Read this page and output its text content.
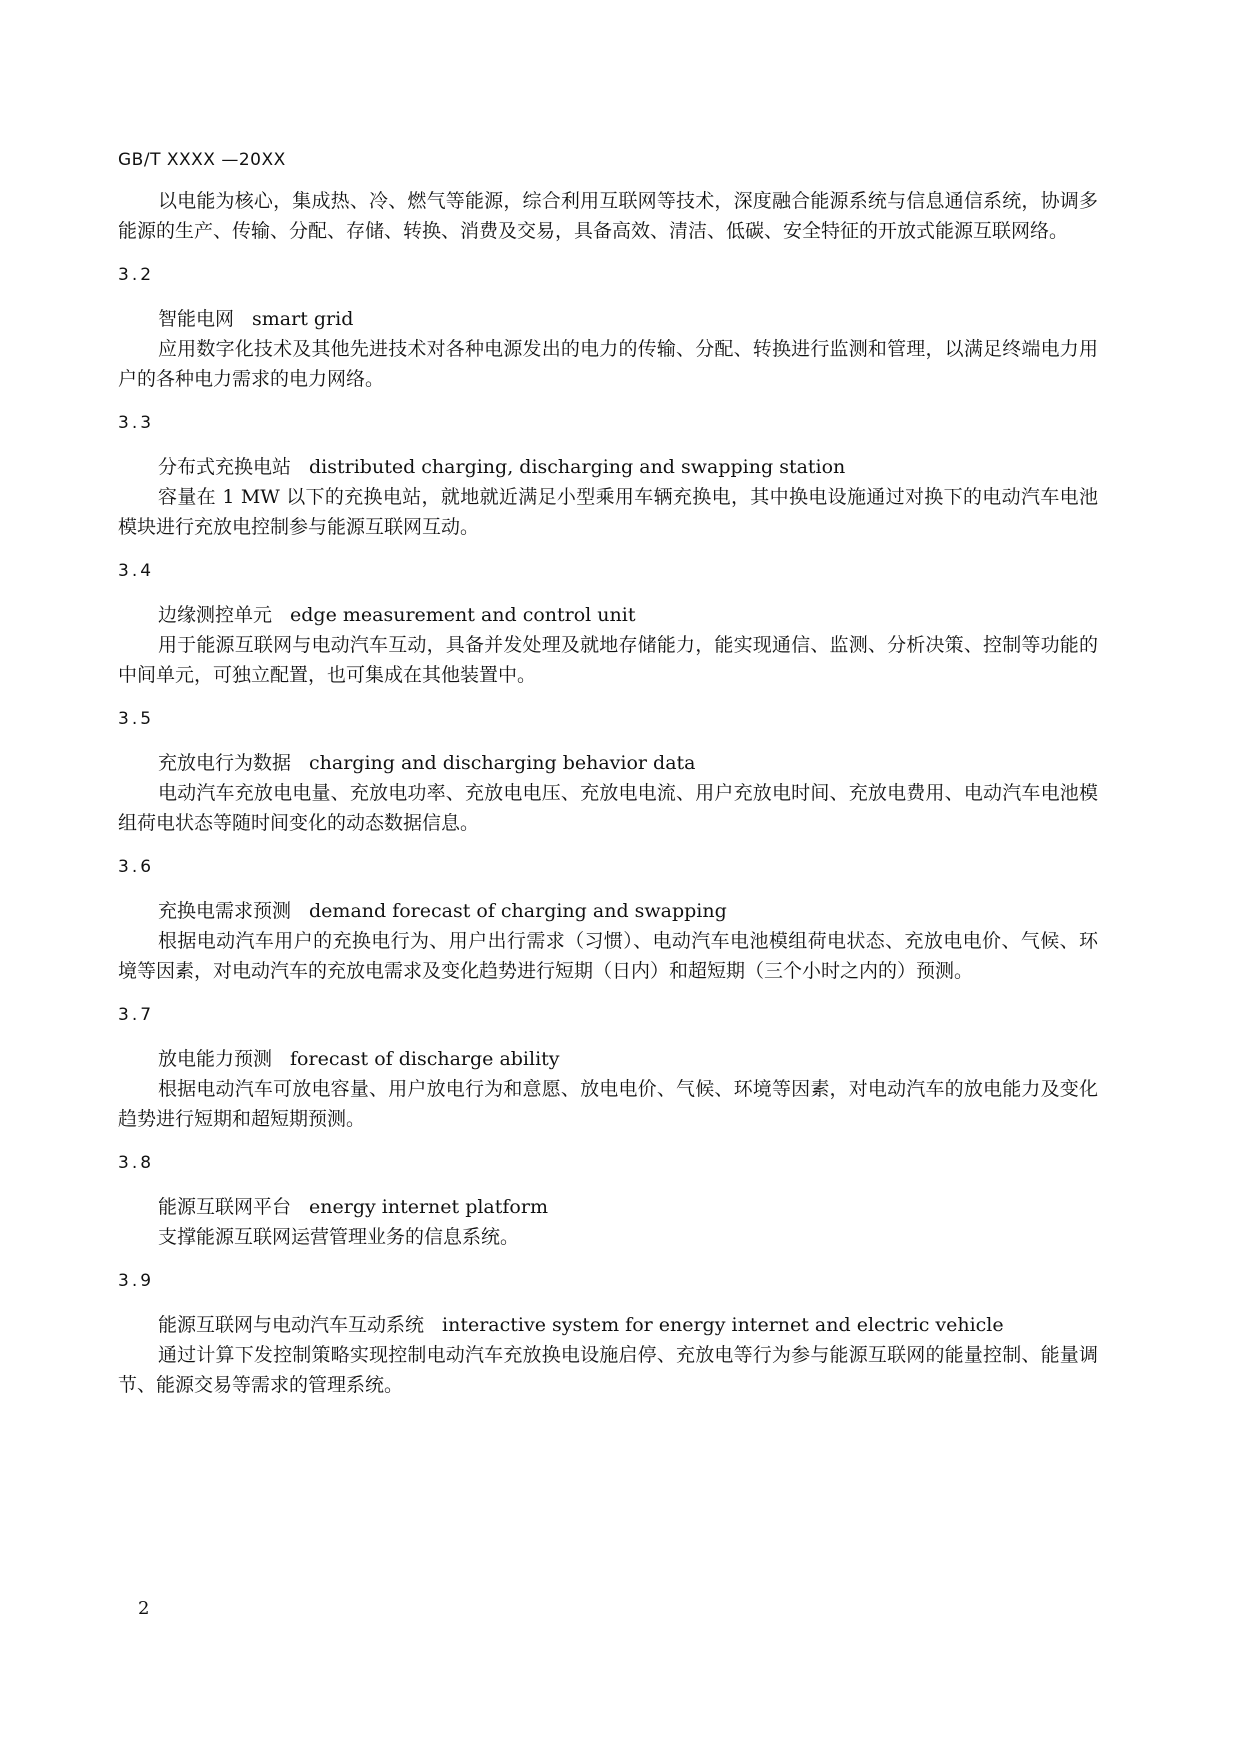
GB/T XXXX —20XX

以电能为核心，集成热、冷、燃气等能源，综合利用互联网等技术，深度融合能源系统与信息通信系统，协调多能源的生产、传输、分配、存储、转换、消费及交易，具备高效、清洁、低碳、安全特征的开放式能源互联网络。

3.2
智能电网 smart grid

应用数字化技术及其他先进技术对各种电源发出的电力的传输、分配、转换进行监测和管理，以满足终端电力用户的各种电力需求的电力网络。

3.3
分布式充换电站 distributed charging, discharging and swapping station

容量在 1 MW 以下的充换电站，就地就近满足小型乘用车辆充换电，其中换电设施通过对换下的电动汽车电池模块进行充放电控制参与能源互联网互动。

3.4
边缘测控单元 edge measurement and control unit

用于能源互联网与电动汽车互动，具备并发处理及就地存储能力，能实现通信、监测、分析决策、控制等功能的中间单元，可独立配置，也可集成在其他装置中。

3.5
充放电行为数据 charging and discharging behavior data

电动汽车充放电电量、充放电功率、充放电电压、充放电电流、用户充放电时间、充放电费用、电动汽车电池模组荷电状态等随时间变化的动态数据信息。

3.6
充换电需求预测 demand forecast of charging and swapping

根据电动汽车用户的充换电行为、用户出行需求（习惯）、电动汽车电池模组荷电状态、充放电电价、气候、环境等因素，对电动汽车的充放电需求及变化趋势进行短期（日内）和超短期（三个小时之内的）预测。

3.7
放电能力预测 forecast of discharge ability

根据电动汽车可放电容量、用户放电行为和意愿、放电电价、气候、环境等因素，对电动汽车的放电能力及变化趋势进行短期和超短期预测。

3.8
能源互联网平台 energy internet platform

支撑能源互联网运营管理业务的信息系统。

3.9
能源互联网与电动汽车互动系统 interactive system for energy internet and electric vehicle

通过计算下发控制策略实现控制电动汽车充放换电设施启停、充放电等行为参与能源互联网的能量控制、能量调节、能源交易等需求的管理系统。

2
